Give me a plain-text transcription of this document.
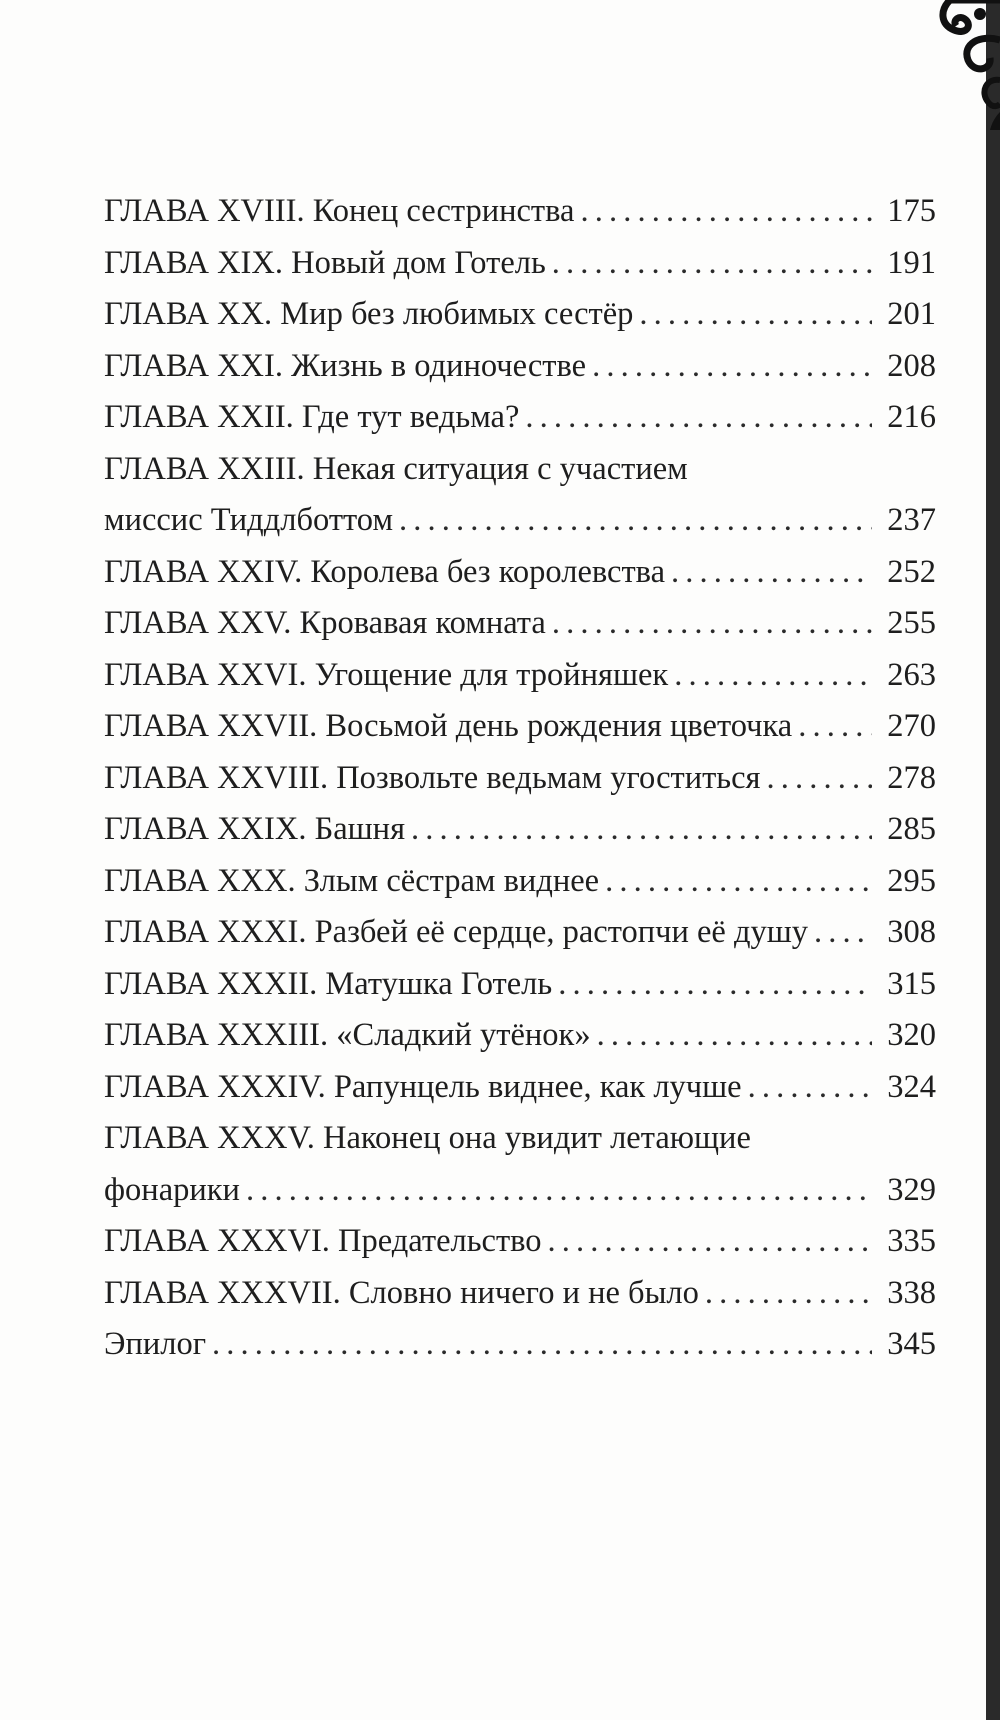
ГЛАВА XVIII. Конец сестринства . . .	175
ГЛАВА XIX. Новый дом Готель . . .	191
ГЛАВА XX. Мир без любимых сестёр . . .	201
ГЛАВА XXI. Жизнь в одиночестве . . .	208
ГЛАВА XXII. Где тут ведьма? . . .	216
ГЛАВА XXIII. Некая ситуация с участием
миссис Тиддлботтом . . .	237
ГЛАВА XXIV. Королева без королевства . . .	252
ГЛАВА XXV. Кровавая комната . . .	255
ГЛАВА XXVI. Угощение для тройняшек . . .	263
ГЛАВА XXVII. Восьмой день рождения цветочка . . .	270
ГЛАВА XXVIII. Позвольте ведьмам угоститься . . .	278
ГЛАВА XXIX. Башня . . .	285
ГЛАВА XXX. Злым сёстрам виднее . . .	295
ГЛАВА XXXI. Разбей её сердце, растопчи её душу . . . 308
ГЛАВА XXXII. Матушка Готель . . .	315
ГЛАВА XXXIII. «Сладкий утёнок» . . .	320
ГЛАВА XXXIV. Рапунцель виднее, как лучше . . .	324
ГЛАВА XXXV. Наконец она увидит летающие
фонарики . . .	329
ГЛАВА XXXVI. Предательство . . .	335
ГЛАВА XXXVII. Словно ничего и не было . . .	338
Эпилог . . .	345
